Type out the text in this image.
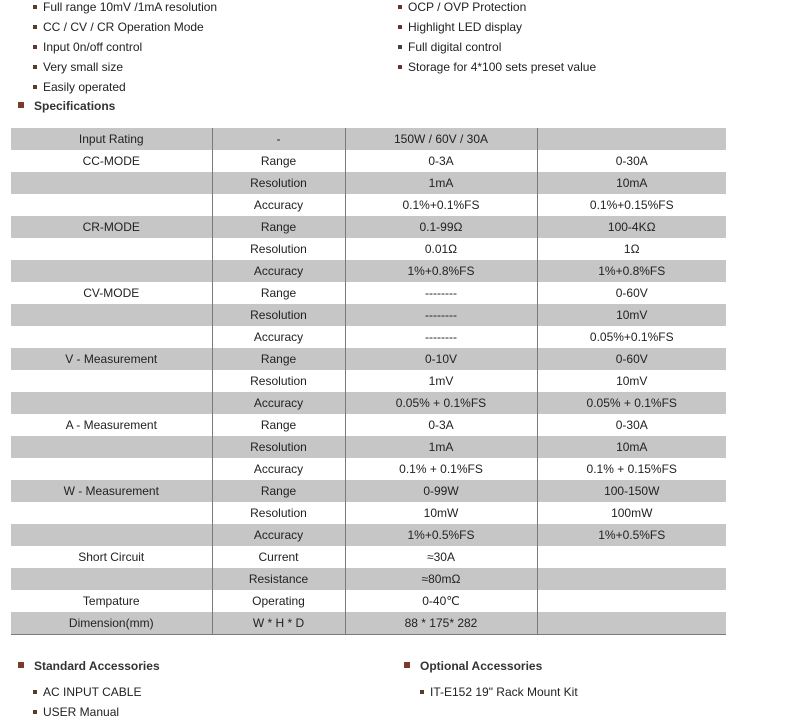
Full range 10mV /1mA resolution
CC / CV / CR Operation Mode
Input 0n/off control
Very small size
Easily operated
OCP / OVP Protection
Highlight LED display
Full digital control
Storage for 4*100 sets preset value
Specifications
Input Rating	-	150W / 60V / 30A	
CC-MODE	Range	0-3A	0-30A
	Resolution	1mA	10mA
	Accuracy	0.1%+0.1%FS	0.1%+0.15%FS
CR-MODE	Range	0.1-99Ω	100-4KΩ
	Resolution	0.01Ω	1Ω
	Accuracy	1%+0.8%FS	1%+0.8%FS
CV-MODE	Range	--------	0-60V
	Resolution	--------	10mV
	Accuracy	--------	0.05%+0.1%FS
V - Measurement	Range	0-10V	0-60V
	Resolution	1mV	10mV
	Accuracy	0.05% + 0.1%FS	0.05% + 0.1%FS
A - Measurement	Range	0-3A	0-30A
	Resolution	1mA	10mA
	Accuracy	0.1% + 0.1%FS	0.1% + 0.15%FS
W - Measurement	Range	0-99W	100-150W
	Resolution	10mW	100mW
	Accuracy	1%+0.5%FS	1%+0.5%FS
Short Circuit	Current	≈30A	
	Resistance	≈80mΩ	
Tempature	Operating	0-40℃	
Dimension(mm)	W * H * D	88 * 175* 282	
Standard Accessories
AC INPUT CABLE
USER Manual
Optional Accessories
IT-E152 19" Rack Mount Kit
